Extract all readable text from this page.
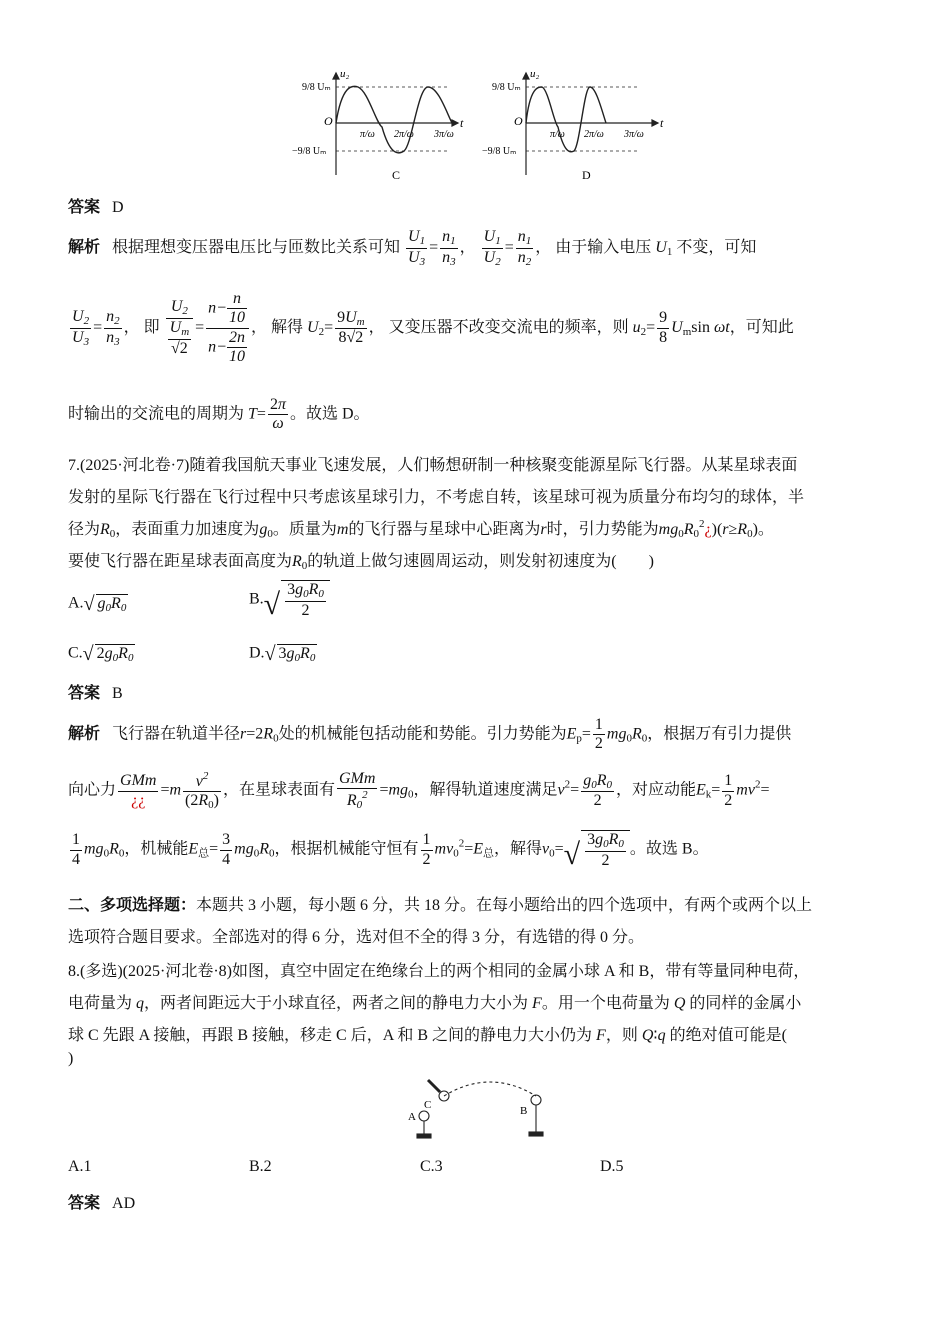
u₂
t
O
9/8 Uₘ
−9/8 Uₘ
π/ω 2π/ω 3π/ω
C
u₂
t
O
9/8 Uₘ
−9/8 Uₘ
π/ω 2π/ω 3π/ω
D
答案 D
解析 根据理想变压器电压比与匝数比关系可知 $\frac{U_1}{U_3} = \frac{n_1}{n_3}$ ， $\frac{U_1}{U_2} = \frac{n_1}{n_2}$ ， 由于输入电压 $U_1$ 不变，可知
$\frac{U_2}{U_3} = \frac{n_2}{n_3}$ ， 即 $\frac{U_2}{\frac{U_m}{√2}} = \frac{n- \frac{n}{10}}{n- \frac{2n}{10}}$ ， 解得 $U_2= \frac{9U_m}{8√2}$ ， 又变压器不改变交流电的频率，则 $u_2= \frac{9}{8} U_m\sin$ ωt，可知此
时输出的交流电的周期为 $T= \frac{2\pi}{\omega}$ 。故选 D。
7.(2025·河北卷·7)随着我国航天事业飞速发展，人们畅想研制一种核聚变能源星际飞行器。从某星球表面
发射的星际飞行器在飞行过程中只考虑该星球引力，不考虑自转，该星球可视为质量分布均匀的球体，半
径为$R_0$，表面重力加速度为$g_0$。质量为m的飞行器与星球中心距离为r时，引力势能为$mg_0R_0^2¿)(r\ge R_0)$。
要使飞行器在距星球表面高度为$R_0$的轨道上做匀速圆周运动，则发射初速度为(　　)
A. √ $g_0R_0$
B. √ $\frac{3g_0R_0}{2}$
C. √ $2g_0R_0$	D. √ $3g_0R_0$
答案 B
解析 飞行器在轨道半径$r=2R_0$处的机械能包括动能和势能。引力势能为$E_p= \frac{1}{2} mg_0R_0$，根据万有引力提供
向心力 $\frac{\text{GMm}}{¿¿} =m \frac{v^2}{(2R_0)}$ ，在星球表面有 $\frac{\text{GMm}}{R_0^2} =mg_0$，解得轨道速度满足$v^2= \frac{g_0R_0}{2}$ ，对应动能$E_k= \frac{1}{2} mv^2=$
$\frac{1}{4} mg_0R_0$，机械能$E_总= \frac{3}{4} mg_0R_0$，根据机械能守恒有 $\frac{1}{2} mv_0^2=E_总$，解得$v_0=$ √ $\frac{3g_0R_0}{2}$ 。故选 B。
二、多项选择题：本题共 3 小题，每小题 6 分，共 18 分。在每小题给出的四个选项中，有两个或两个以上
选项符合题目要求。全部选对的得 6 分，选对但不全的得 3 分，有选错的得 0 分。
8.(多选)(2025·河北卷·8)如图，真空中固定在绝缘台上的两个相同的金属小球 A 和 B，带有等量同种电荷，
电荷量为 q，两者间距远大于小球直径，两者之间的静电力大小为 F。用一个电荷量为 Q 的同样的金属小
球 C 先跟 A 接触，再跟 B 接触，移走 C 后，A 和 B 之间的静电力大小仍为 F，则 Q∶q 的绝对值可能是(
)
A	B
C
A.1	B.2	C.3	D.5
答案 AD
